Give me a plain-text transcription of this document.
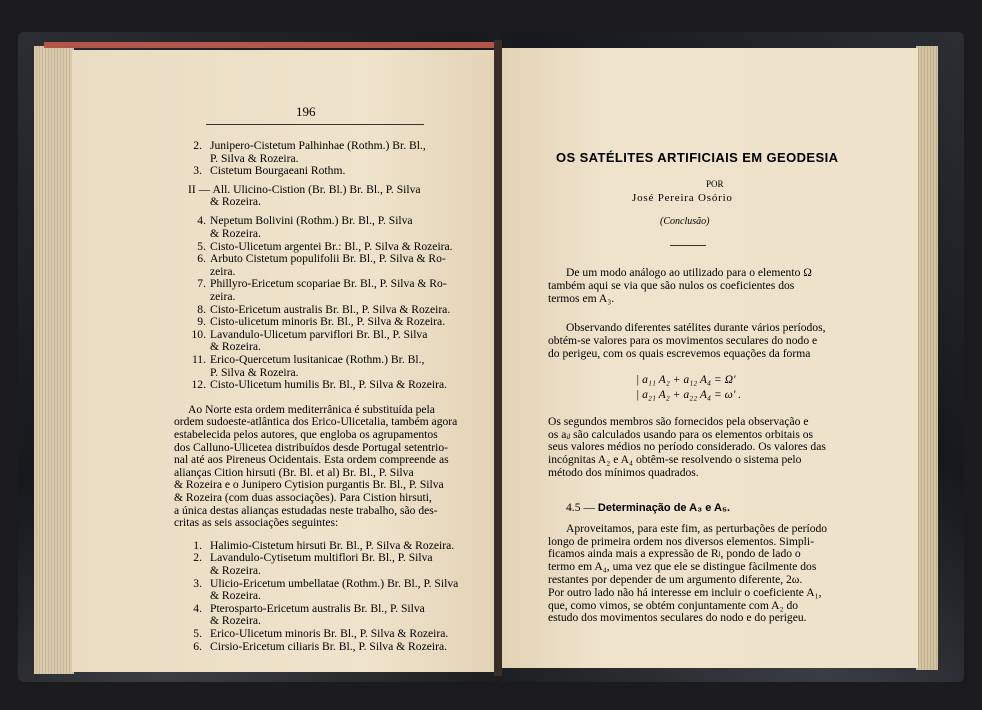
196
2. Junipero-Cistetum Palhinhae (Rothm.) Br. Bl.,
P. Silva & Rozeira.
3. Cistetum Bourgaeani Rothm.
II — All. Ulicino-Cistion (Br. Bl.) Br. Bl., P. Silva
& Rozeira.
4. Nepetum Bolivini (Rothm.) Br. Bl., P. Silva
& Rozeira.
5. Cisto-Ulicetum argentei Br.: Bl., P. Silva & Rozeira.
6. Arbuto Cistetum populifolii Br. Bl., P. Silva & Ro-
zeira.
7. Phillyro-Ericetum scopariae Br. Bl., P. Silva & Ro-
zeira.
8. Cisto-Ericetum australis Br. Bl., P. Silva & Rozeira.
9. Cisto-ulicetum minoris Br. Bl., P. Silva & Rozeira.
10. Lavandulo-Ulicetum parviflori Br. Bl., P. Silva
& Rozeira.
11. Erico-Quercetum lusitanicae (Rothm.) Br. Bl.,
P. Silva & Rozeira.
12. Cisto-Ulicetum humilis Br. Bl., P. Silva & Rozeira.
Ao Norte esta ordem mediterrânica é substituída pela
ordem sudoeste-atlântica dos Erico-Ulicetalia, também agora
estabelecida pelos autores, que engloba os agrupamentos
dos Calluno-Ulicetea distribuídos desde Portugal setentrio-
nal até aos Pireneus Ocidentais. Esta ordem compreende as
alianças Cition hirsuti (Br. Bl. et al) Br. Bl., P. Silva
& Rozeira e o Junipero Cytision purgantis Br. Bl., P. Silva
& Rozeira (com duas associações). Para Cistion hirsuti,
a única destas alianças estudadas neste trabalho, são des-
critas as seis associações seguintes:
1. Halimio-Cistetum hirsuti Br. Bl., P. Silva & Rozeira.
2. Lavandulo-Cytisetum multiflori Br. Bl., P. Silva
& Rozeira.
3. Ulicio-Ericetum umbellatae (Rothm.) Br. Bl., P. Silva
& Rozeira.
4. Pterosparto-Ericetum australis Br. Bl., P. Silva
& Rozeira.
5. Erico-Ulicetum minoris Br. Bl., P. Silva & Rozeira.
6. Cirsio-Ericetum ciliaris Br. Bl., P. Silva & Rozeira.
OS SATÉLITES ARTIFICIAIS EM GEODESIA
POR
José Pereira Osório
(Conclusão)
De um modo análogo ao utilizado para o elemento Ω
também aqui se via que são nulos os coeficientes dos
termos em A₃.
Observando diferentes satélites durante vários períodos,
obtém-se valores para os movimentos seculares do nodo e
do perigeu, com os quais escrevemos equações da forma
| a₁₁ A₂ + a₁₂ A₄ = Ω'
| a₂₁ A₂ + a₂₂ A₄ = ω' .
Os segundos membros são fornecidos pela observação e
os aᵢⱼ são calculados usando para os elementos orbitais os
seus valores médios no período considerado. Os valores das
incógnitas A₂ e A₄ obtêm-se resolvendo o sistema pelo
método dos mínimos quadrados.
4.5 — Determinação de A₃ e A₅.
Aproveitamos, para este fim, as perturbações de período
longo de primeira ordem nos diversos elementos. Simpli-
ficamos ainda mais a expressão de Rₗ, pondo de lado o
termo em A₄, uma vez que ele se distingue fàcilmente dos
restantes por depender de um argumento diferente, 2ω.
Por outro lado não há interesse em incluir o coeficiente A₁,
que, como vimos, se obtém conjuntamente com A₂ do
estudo dos movimentos seculares do nodo e do perigeu.
